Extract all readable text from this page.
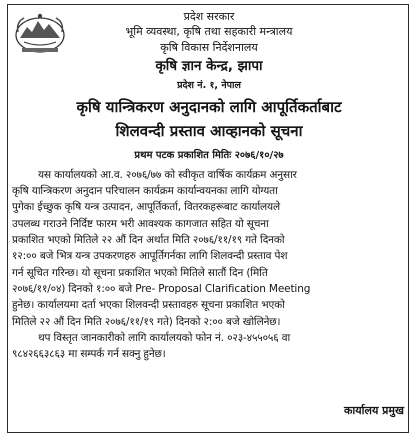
प्रदेश सरकार
भूमि व्यवस्था, कृषि तथा सहकारी मन्त्रालय
कृषि विकास निर्देशनालय
कृषि ज्ञान केन्द्र, झापा
प्रदेश नं. १, नेपाल
कृषि यान्त्रिकरण अनुदानको लागि आपूर्तिकर्ताबाट
शिलवन्दी प्रस्ताव आव्हानको सूचना
प्रथम पटक प्रकाशित मितिः २०७६/१०/२७
यस कार्यालयको आ.व. २०७६/७७ को स्वीकृत वार्षिक कार्यक्रम अनुसार
कृषि यान्त्रिकरण अनुदान परिचालन कार्यक्रम कार्यान्वयनका लागि योग्यता
पुगेका ईच्छुक कृषि यन्त्र उत्पादन, आपूर्तिकर्ता, वितरकहरूबाट कार्यालयले
उपलब्ध गराउने निर्दिष्ट फारम भरी आवश्यक कागजात सहित यो सूचना
प्रकाशित भएको मितिले २२ औं दिन अर्थात मिति २०७६/११/१९ गते दिनको
१२:०० बजे भित्र यन्त्र उपकरणहरु आपूर्तिगर्नका लागि शिलवन्दी प्रस्ताव पेश
गर्न सूचित गरिन्छ। यो सूचना प्रकाशित भएको मितिले सातौं दिन (मिति
२०७६/११/०४) दिनको १:०० बजे Pre- Proposal Clarification Meeting
हुनेछ। कार्यालयमा दर्ता भएका शिलवन्दी प्रस्तावहरु सूचना प्रकाशित भएको
मितिले २२ औं दिन मिति २०७६/११/१९ गते) दिनको २:०० बजे खोलिनेछ।
थप विस्तृत जानकारीको लागि कार्यालयको फोन नं. ०२३-४५५०५६ वा
९८४२६६३८६३ मा सम्पर्क गर्न सक्नु हुनेछ।
कार्यालय प्रमुख
